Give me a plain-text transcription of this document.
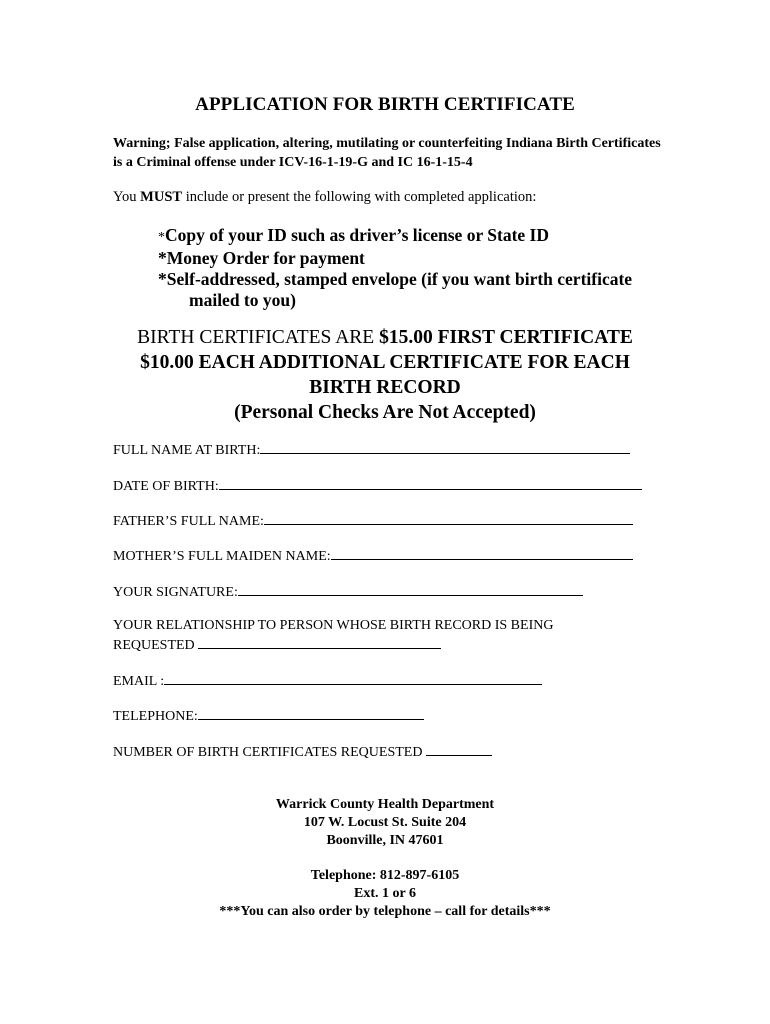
APPLICATION FOR BIRTH CERTIFICATE
Warning; False application, altering, mutilating or counterfeiting Indiana Birth Certificates is a Criminal offense under ICV-16-1-19-G and IC 16-1-15-4
You MUST include or present the following with completed application:
*Copy of your ID such as driver’s license or State ID
*Money Order for payment
*Self-addressed, stamped envelope (if you want birth certificate
mailed to you)
BIRTH CERTIFICATES ARE $15.00 FIRST CERTIFICATE
$10.00 EACH ADDITIONAL CERTIFICATE FOR EACH
BIRTH RECORD
(Personal Checks Are Not Accepted)
FULL NAME AT BIRTH:
DATE OF BIRTH:
FATHER’S FULL NAME:
MOTHER’S FULL MAIDEN NAME:
YOUR SIGNATURE:
YOUR RELATIONSHIP TO PERSON WHOSE BIRTH RECORD IS BEING
REQUESTED
EMAIL :
TELEPHONE:
NUMBER OF BIRTH CERTIFICATES REQUESTED
Warrick County Health Department
107 W. Locust St. Suite 204
Boonville, IN 47601
Telephone: 812-897-6105
Ext. 1 or 6
***You can also order by telephone – call for details***
